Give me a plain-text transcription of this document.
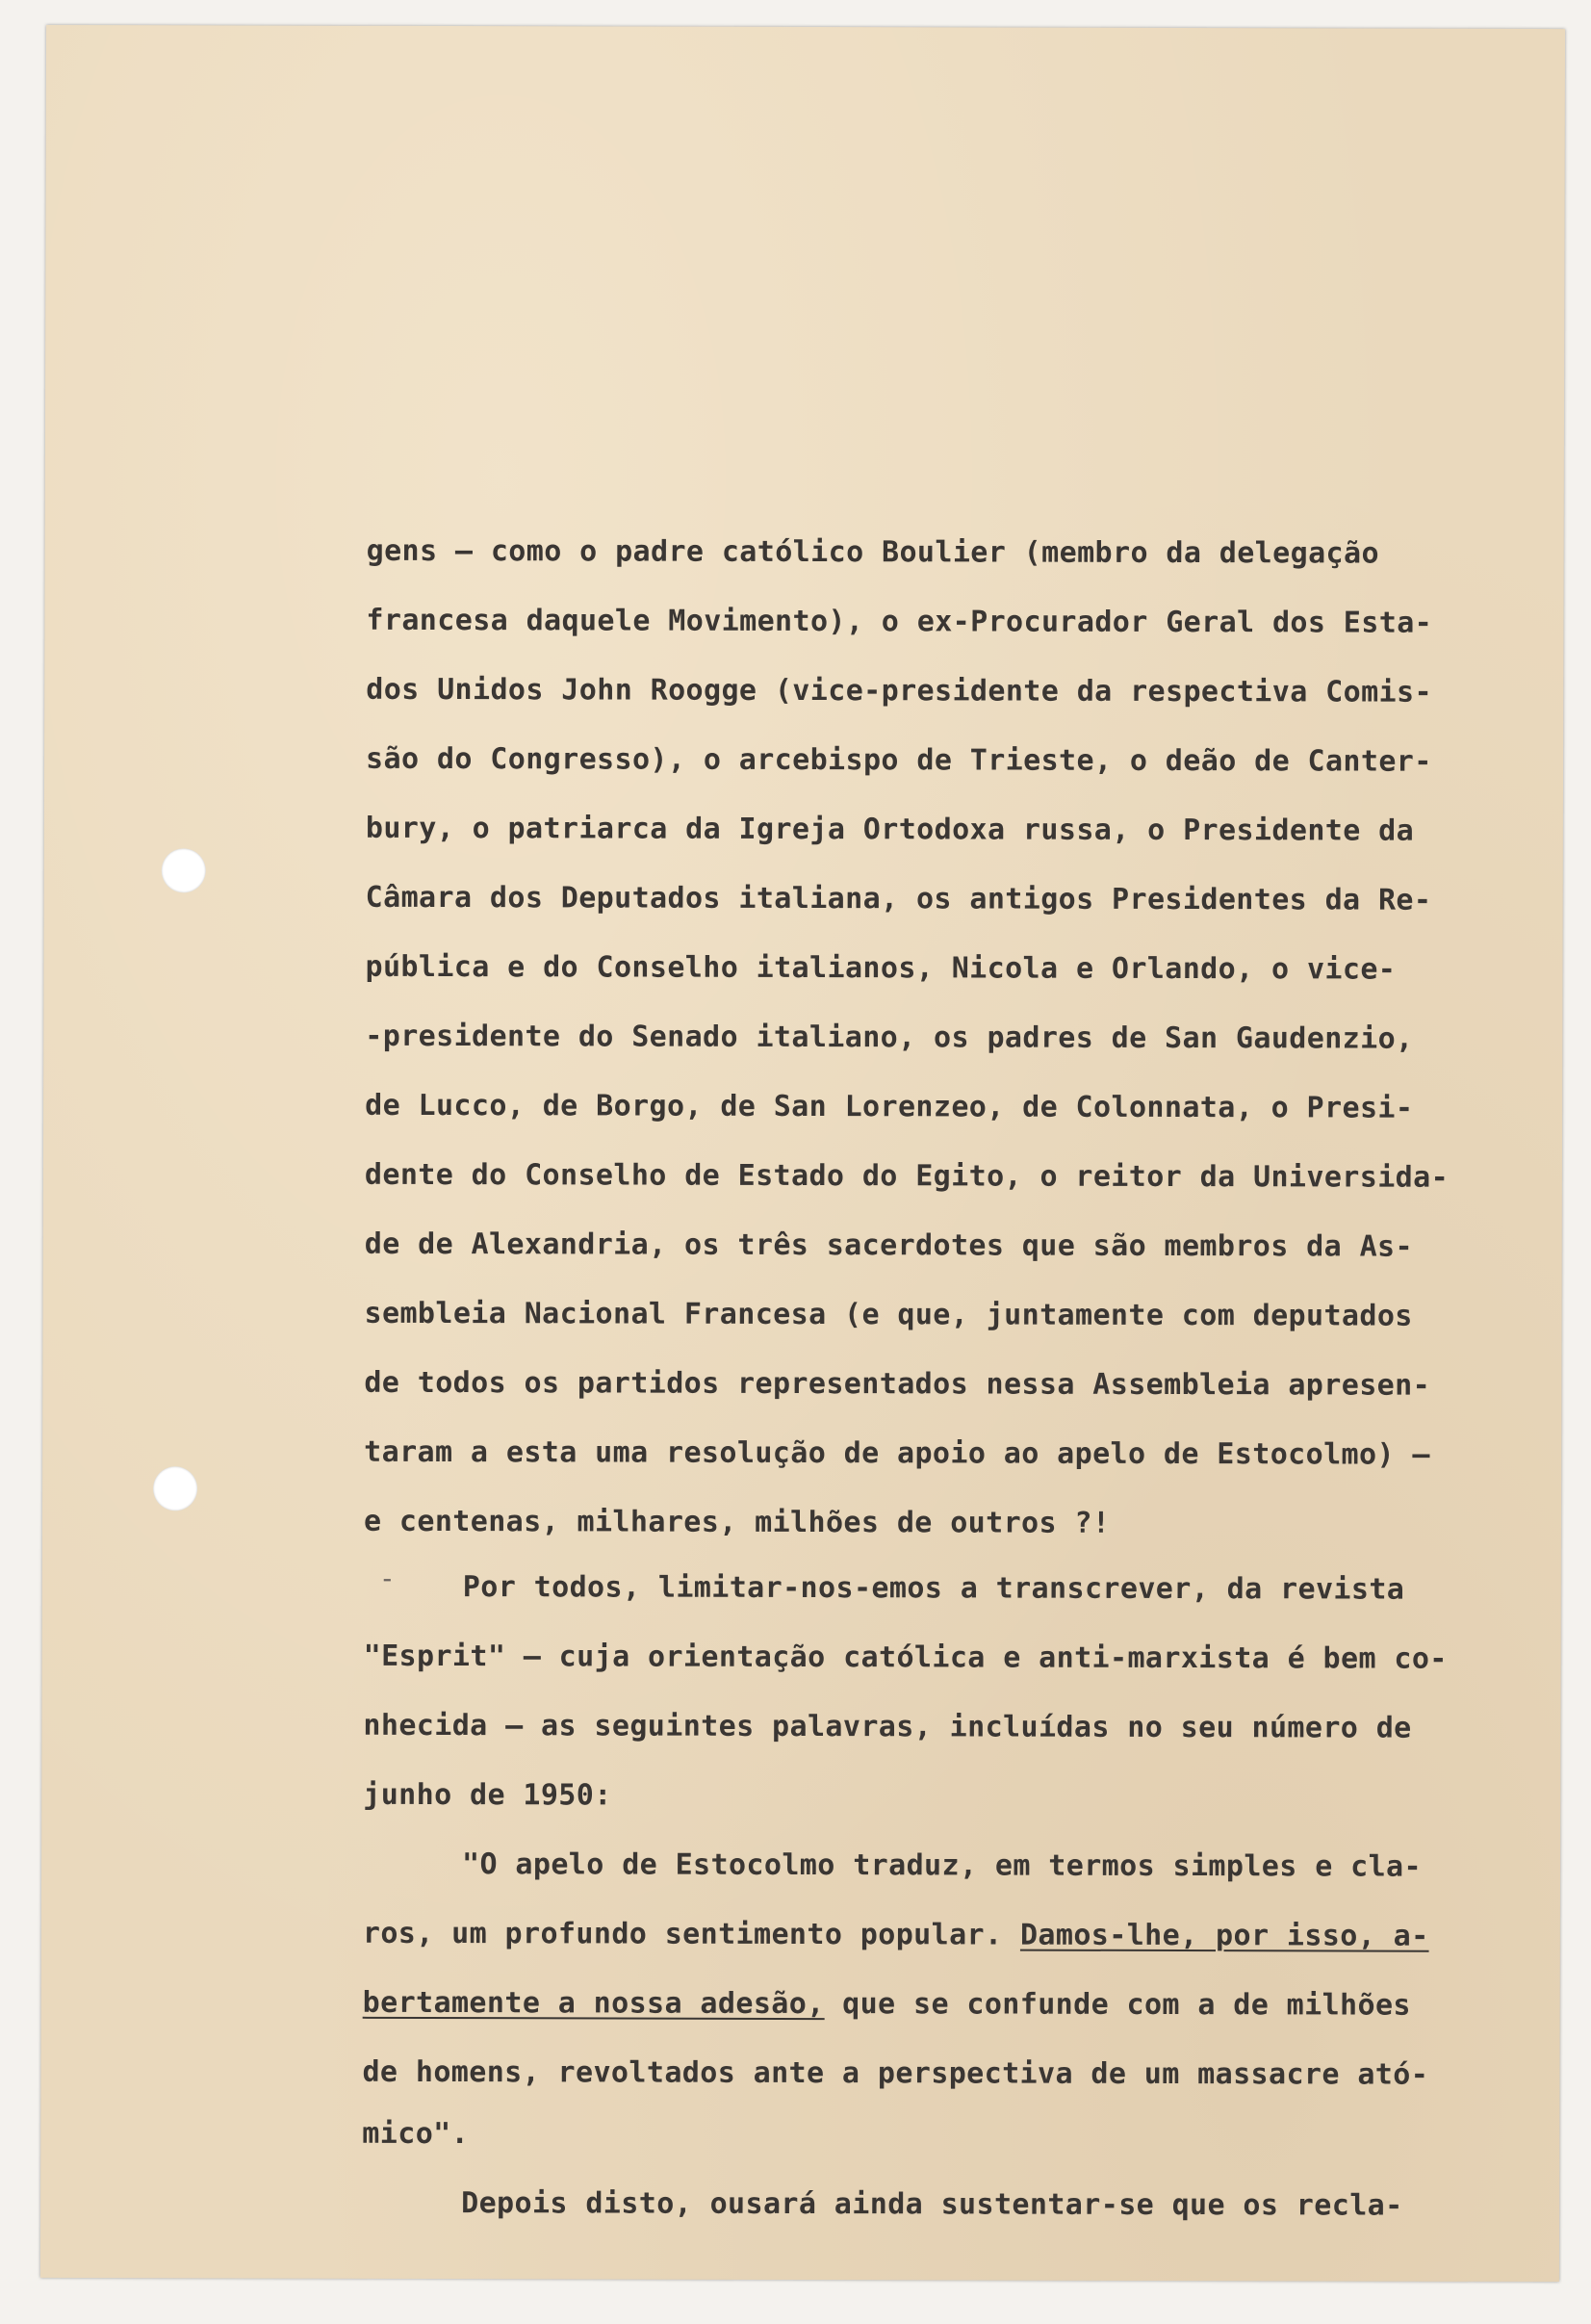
gens — como o padre católico Boulier (membro da delegação

francesa daquele Movimento), o ex-Procurador Geral dos Esta-

dos Unidos John Roogge (vice-presidente da respectiva Comis-

são do Congresso), o arcebispo de Trieste, o deão de Canter-

bury, o patriarca da Igreja Ortodoxa russa, o Presidente da

Câmara dos Deputados italiana, os antigos Presidentes da Re-

pública e do Conselho italianos, Nicola e Orlando, o vice-

-presidente do Senado italiano, os padres de San Gaudenzio,

de Lucco, de Borgo, de San Lorenzeo, de Colonnata, o Presi-

dente do Conselho de Estado do Egito, o reitor da Universida-

de de Alexandria, os três sacerdotes que são membros da As-

sembleia Nacional Francesa (e que, juntamente com deputados

de todos os partidos representados nessa Assembleia apresen-

taram a esta uma resolução de apoio ao apelo de Estocolmo) —

e centenas, milhares, milhões de outros ?!

- Por todos, limitar-nos-emos a transcrever, da revista

"Esprit" — cuja orientação católica e anti-marxista é bem co-

nhecida — as seguintes palavras, incluídas no seu número de

junho de 1950:

"O apelo de Estocolmo traduz, em termos simples e cla-

ros, um profundo sentimento popular. Damos-lhe, por isso, a-

bertamente a nossa adesão, que se confunde com a de milhões

de homens, revoltados ante a perspectiva de um massacre ató-

mico".

Depois disto, ousará ainda sustentar-se que os recla-
